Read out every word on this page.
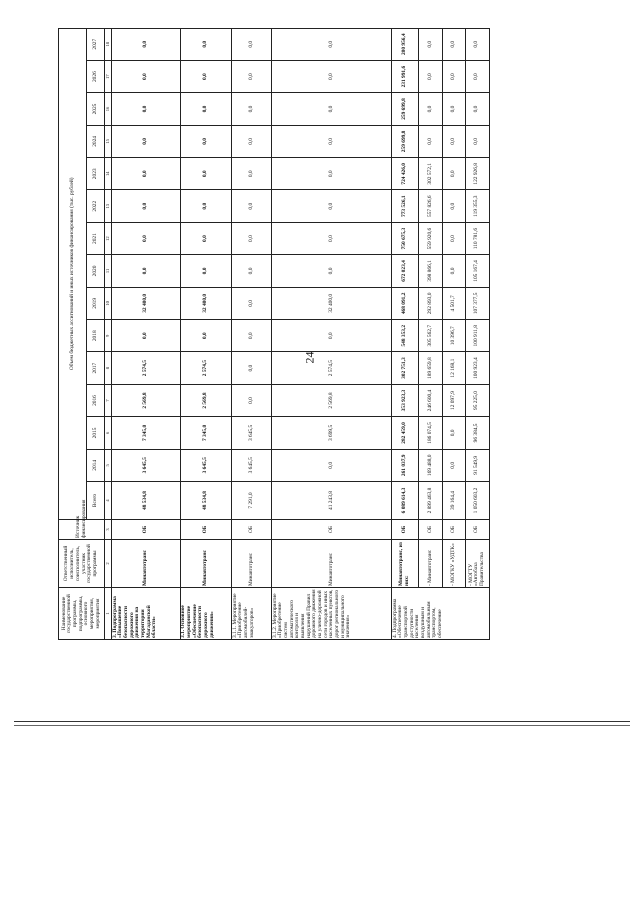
24
Наименование государственной программы, подпрограммы, основного мероприятия, мероприятия	Ответственный исполнитель, соисполнитель, участник государственной программы	Источник финансирования	Объем бюджетных ассигнований и иных источников финансирования (тыс. рублей)														
			Всего	2014	2015	2016	2017	2018	2019	2020	2021	2022	2023	2024	2025	2026	2027
1	2	3	4	5	6	7	8	9	10	11	12	13	14	15	16	17	18
3. Подпрограмма «Повышение безопасности дорожного движения на территории Магаданской области»	Минавтотранс	ОБ	48 534,8	3 645,5	7 345,0	2 569,8	2 574,5	0,0	32 400,0	0,0	0,0	0,0	0,0	0,0	0,0	0,0	0,0
3.1. Основное мероприятие «Обеспечение безопасности дорожного движения»	Минавтотранс	ОБ	48 534,8	3 645,5	7 345,0	2 569,8	2 574,5	0,0	32 400,0	0,0	0,0	0,0	0,0	0,0	0,0	0,0	0,0
3.1.1. Мероприятие «Приобретение автомобилей-эвакуаторов»	Минавтотранс	ОБ	7 291,0	3 645,5	3 645,5	0,0	0,0	0,0	0,0	0,0	0,0	0,0	0,0	0,0	0,0	0,0	0,0
3.1.2. Мероприятие «Приобретение систем автоматического контроля и выявления нарушений Правил дорожного движения на улично-дорожной сети городов и иных населенных пунктов, дорог регионального и муниципального значения»	Минавтотранс	ОБ	41 243,8	0,0	3 699,5	2 569,8	2 574,5	0,0	32 400,0	0,0	0,0	0,0	0,0	0,0	0,0	0,0	0,0
4. Подпрограмма «Обеспечение транспортной доступности населения воздушным и автомобильным транспортом, обеспечение	Минавтотранс, из них:	ОБ	6 089 614,3	261 037,9	282 459,0	353 923,3	302 751,3	548 353,2	468 091,2	672 023,4	750 675,3	773 526,1	724 426,0	259 699,8	259 699,8	231 991,6	200 956,4
	- Минавтотранс	ОБ	2 899 463,8	169 488,0	186 074,5	246 600,4	189 659,8	305 562,7	292 893,0	398 866,1	559 920,6	557 826,6	302 572,1	0,0	0,0	0,0	0,0
	- МОГКУ «УДТК»	ОБ	39 164,4	0,0	0,0	12 097,9	12 168,1	10 396,7	4 501,7	0,0	0,0	0,0	0,0	0,0	0,0	0,0	0,0
	- МОГТУ «Автобаза Правительства	ОБ	1 050 603,2	91 549,9	96 384,5	95 225,0	100 923,4	100 911,8	107 377,5	105 167,4	110 781,6	119 355,3	122 926,8	0,0	0,0	0,0	0,0
